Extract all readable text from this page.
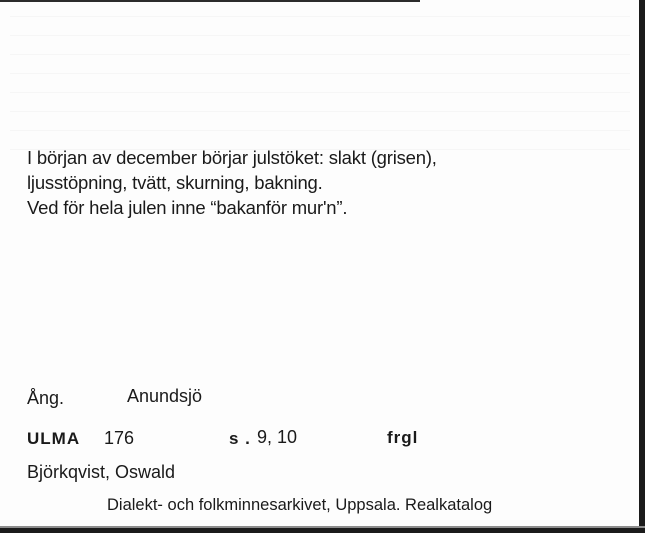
I början av december börjar julstöket: slakt (grisen),
ljusstöpning, tvätt, skurning, bakning.
Ved för hela julen inne “bakanför mur'n”.
Ång.	Anundsjö
ULMA 176	s . 9, 10	frgl
Björkqvist, Oswald
Dialekt- och folkminnesarkivet, Uppsala. Realkatalog
